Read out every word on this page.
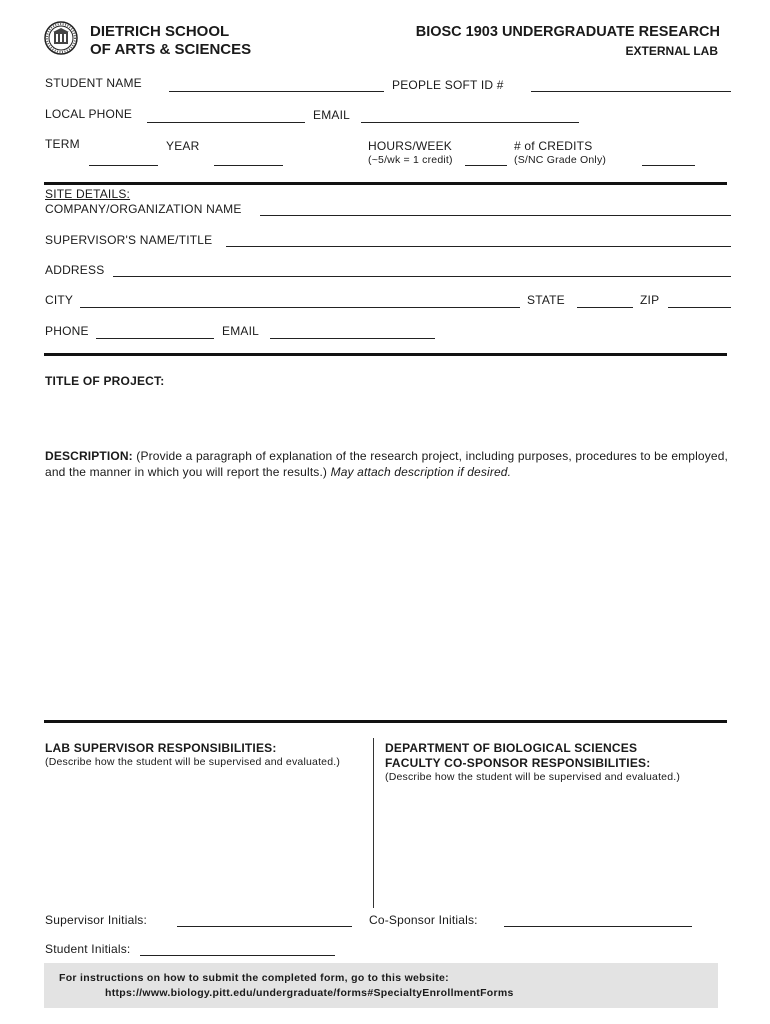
DIETRICH SCHOOL
OF ARTS & SCIENCES
BIOSC 1903 UNDERGRADUATE RESEARCH
EXTERNAL LAB
STUDENT NAME	PEOPLE SOFT ID #
LOCAL PHONE	EMAIL
TERM	YEAR	HOURS/WEEK
(~5/wk = 1 credit)
# of CREDITS
(S/NC Grade Only)
SITE DETAILS:
COMPANY/ORGANIZATION NAME
SUPERVISOR'S NAME/TITLE
ADDRESS
CITY	STATE	ZIP
PHONE	EMAIL
TITLE OF PROJECT:
DESCRIPTION: (Provide a paragraph of explanation of the research project, including purposes, procedures to be employed, and the manner in which you will report the results.) May attach description if desired.
LAB SUPERVISOR RESPONSIBILITIES:
(Describe how the student will be supervised and evaluated.)
DEPARTMENT OF BIOLOGICAL SCIENCES
FACULTY CO-SPONSOR RESPONSIBILITIES:
(Describe how the student will be supervised and evaluated.)
Supervisor Initials:	Co-Sponsor Initials:
Student Initials:
For instructions on how to submit the completed form, go to this website:
https://www.biology.pitt.edu/undergraduate/forms#SpecialtyEnrollmentForms
